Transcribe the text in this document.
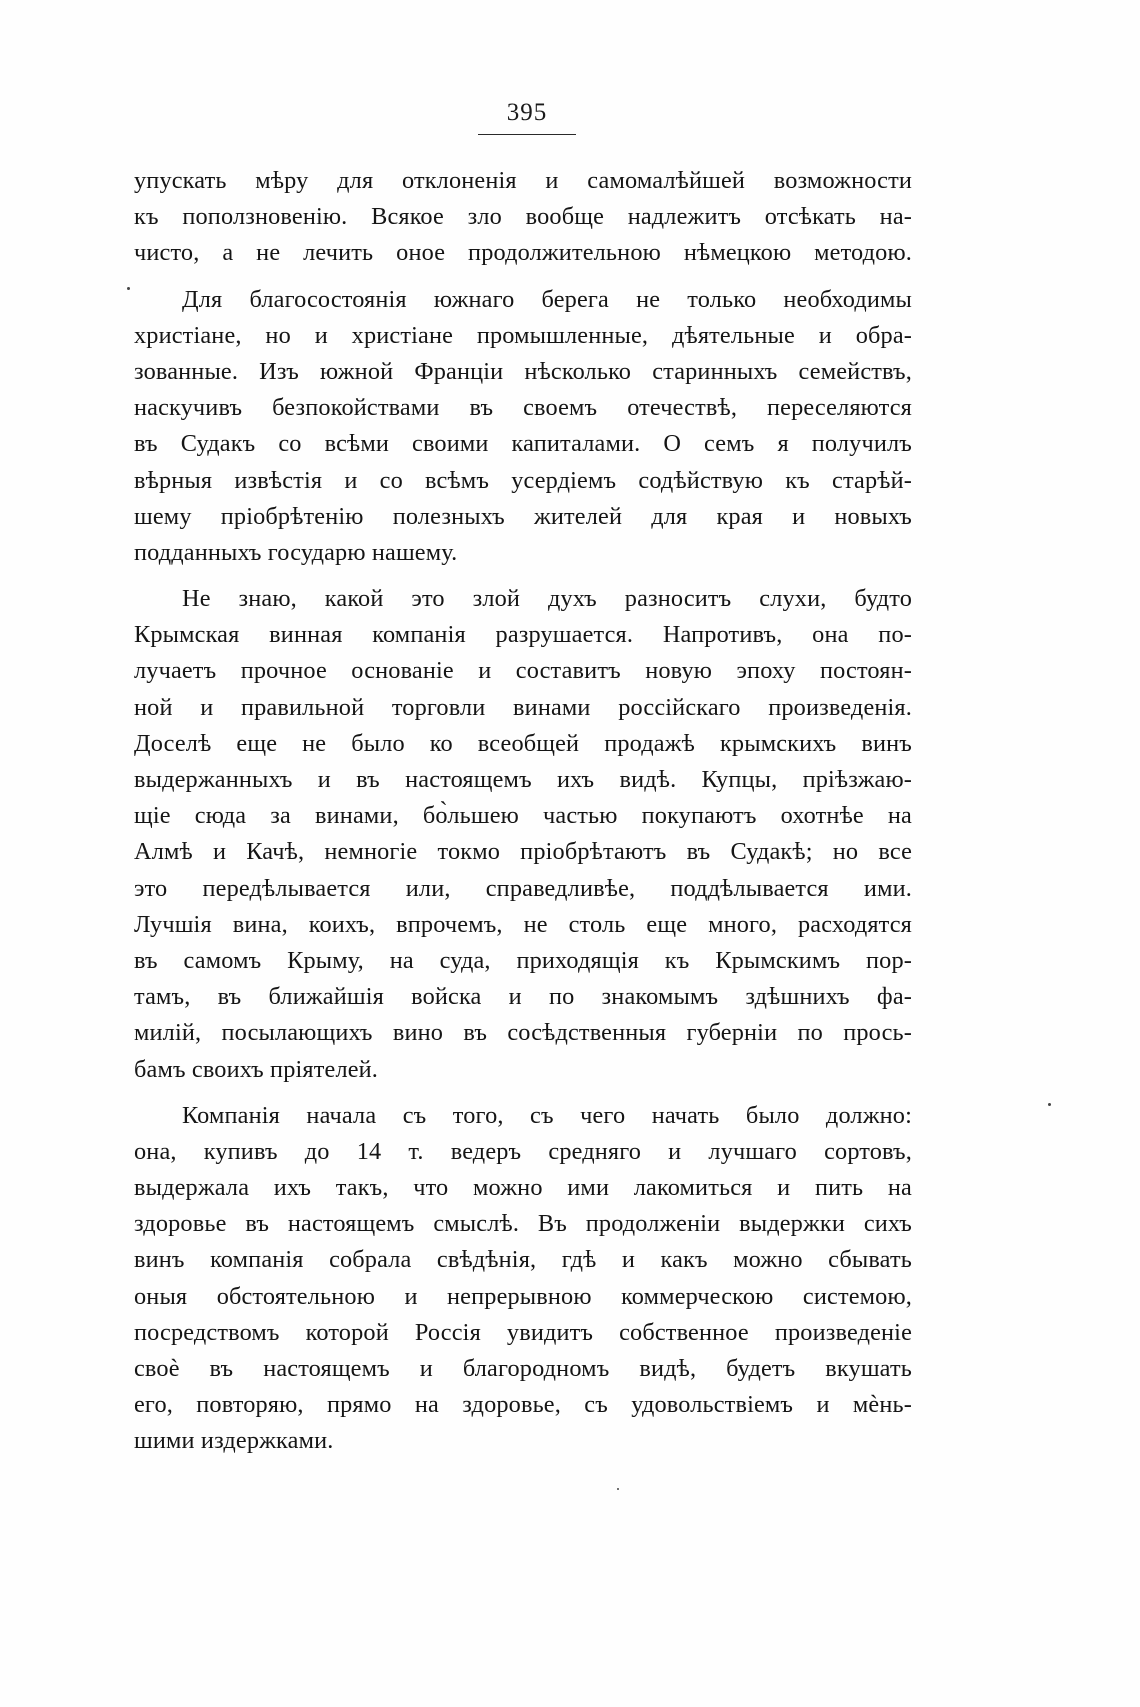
395
упускать мѣру для отклоненія и самомалѣйшей возможности
къ поползновенію. Всякое зло вообще надлежитъ отсѣкать на-
чисто, а не лечить оное продолжительною нѣмецкою методою.
Для благосостоянія южнаго берега не только необходимы
христіане, но и христіане промышленные, дѣятельные и обра-
зованные. Изъ южной Франціи нѣсколько старинныхъ семействъ,
наскучивъ безпокойствами въ своемъ отечествѣ, переселяются
въ Судакъ со всѣми своими капиталами. О семъ я получилъ
вѣрныя извѣстія и со всѣмъ усердіемъ содѣйствую къ старѣй-
шему пріобрѣтенію полезныхъ жителей для края и новыхъ
подданныхъ государю нашему.
Не знаю, какой это злой духъ разноситъ слухи, будто
Крымская винная компанія разрушается. Напротивъ, она по-
лучаетъ прочное основаніе и составитъ новую эпоху постоян-
ной и правильной торговли винами россійскаго произведенія.
Доселѣ еще не было ко всеобщей продажѣ крымскихъ винъ
выдержанныхъ и въ настоящемъ ихъ видѣ. Купцы, пріѣзжаю-
щіе сюда за винами, бо̀льшею частью покупаютъ охотнѣе на
Алмѣ и Качѣ, немногіе токмо пріобрѣтаютъ въ Судакѣ; но все
это передѣлывается или, справедливѣе, поддѣлывается ими.
Лучшія вина, коихъ, впрочемъ, не столь еще много, расходятся
въ самомъ Крыму, на суда, приходящія къ Крымскимъ пор-
тамъ, въ ближайшія войска и по знакомымъ здѣшнихъ фа-
милій, посылающихъ вино въ сосѣдственныя губерніи по прось-
бамъ своихъ пріятелей.
Компанія начала съ того, съ чего начать было должно:
она, купивъ до 14 т. ведеръ средняго и лучшаго сортовъ,
выдержала ихъ такъ, что можно ими лакомиться и пить на
здоровье въ настоящемъ смыслѣ. Въ продолженіи выдержки сихъ
винъ компанія собрала свѣдѣнія, гдѣ и какъ можно сбывать
оныя обстоятельною и непрерывною коммерческою системою,
посредствомъ которой Россія увидитъ собственное произведеніе
своѐ въ настоящемъ и благородномъ видѣ, будетъ вкушать
его, повторяю, прямо на здоровье, съ удовольствіемъ и мѐнь-
шими издержками.
